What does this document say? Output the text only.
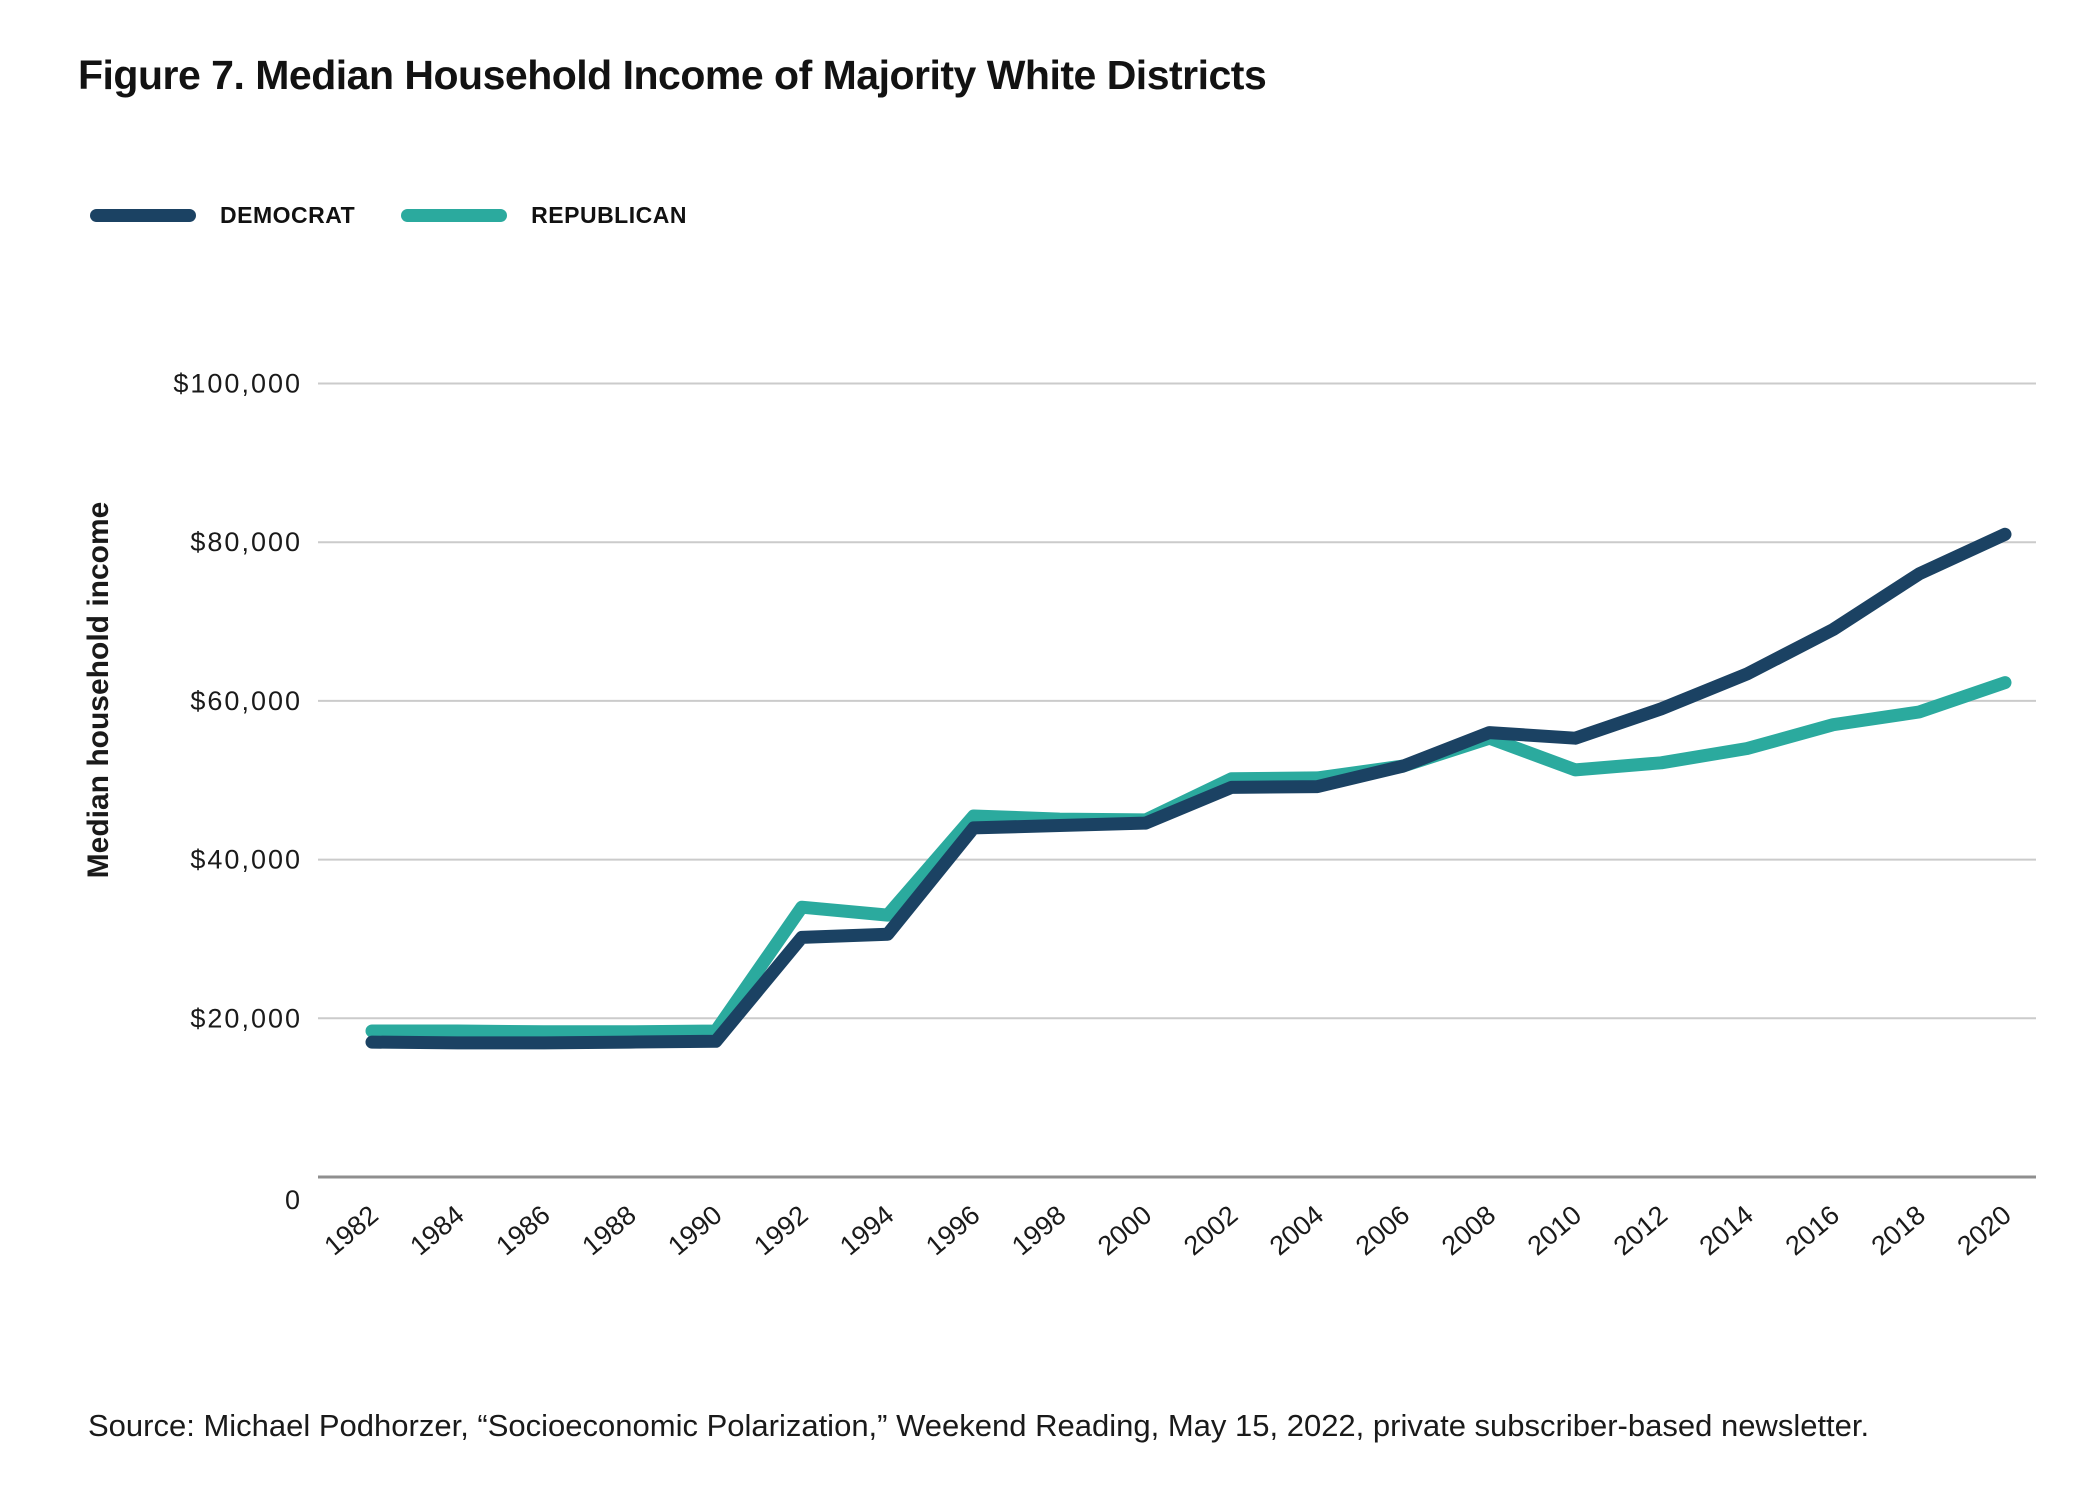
Figure 7. Median Household Income of Majority White Districts
DEMOCRAT	REPUBLICAN
0
$20,000
$40,000
$60,000
$80,000
$100,000
Median household income
1982 1984 1986 1988 1990 1992 1994 1996 1998 2000 2002 2004 2006 2008 2010 2012 2014 2016 2018 2020
Source: Michael Podhorzer, “Socioeconomic Polarization,” Weekend Reading, May 15, 2022, private subscriber-based newsletter.
